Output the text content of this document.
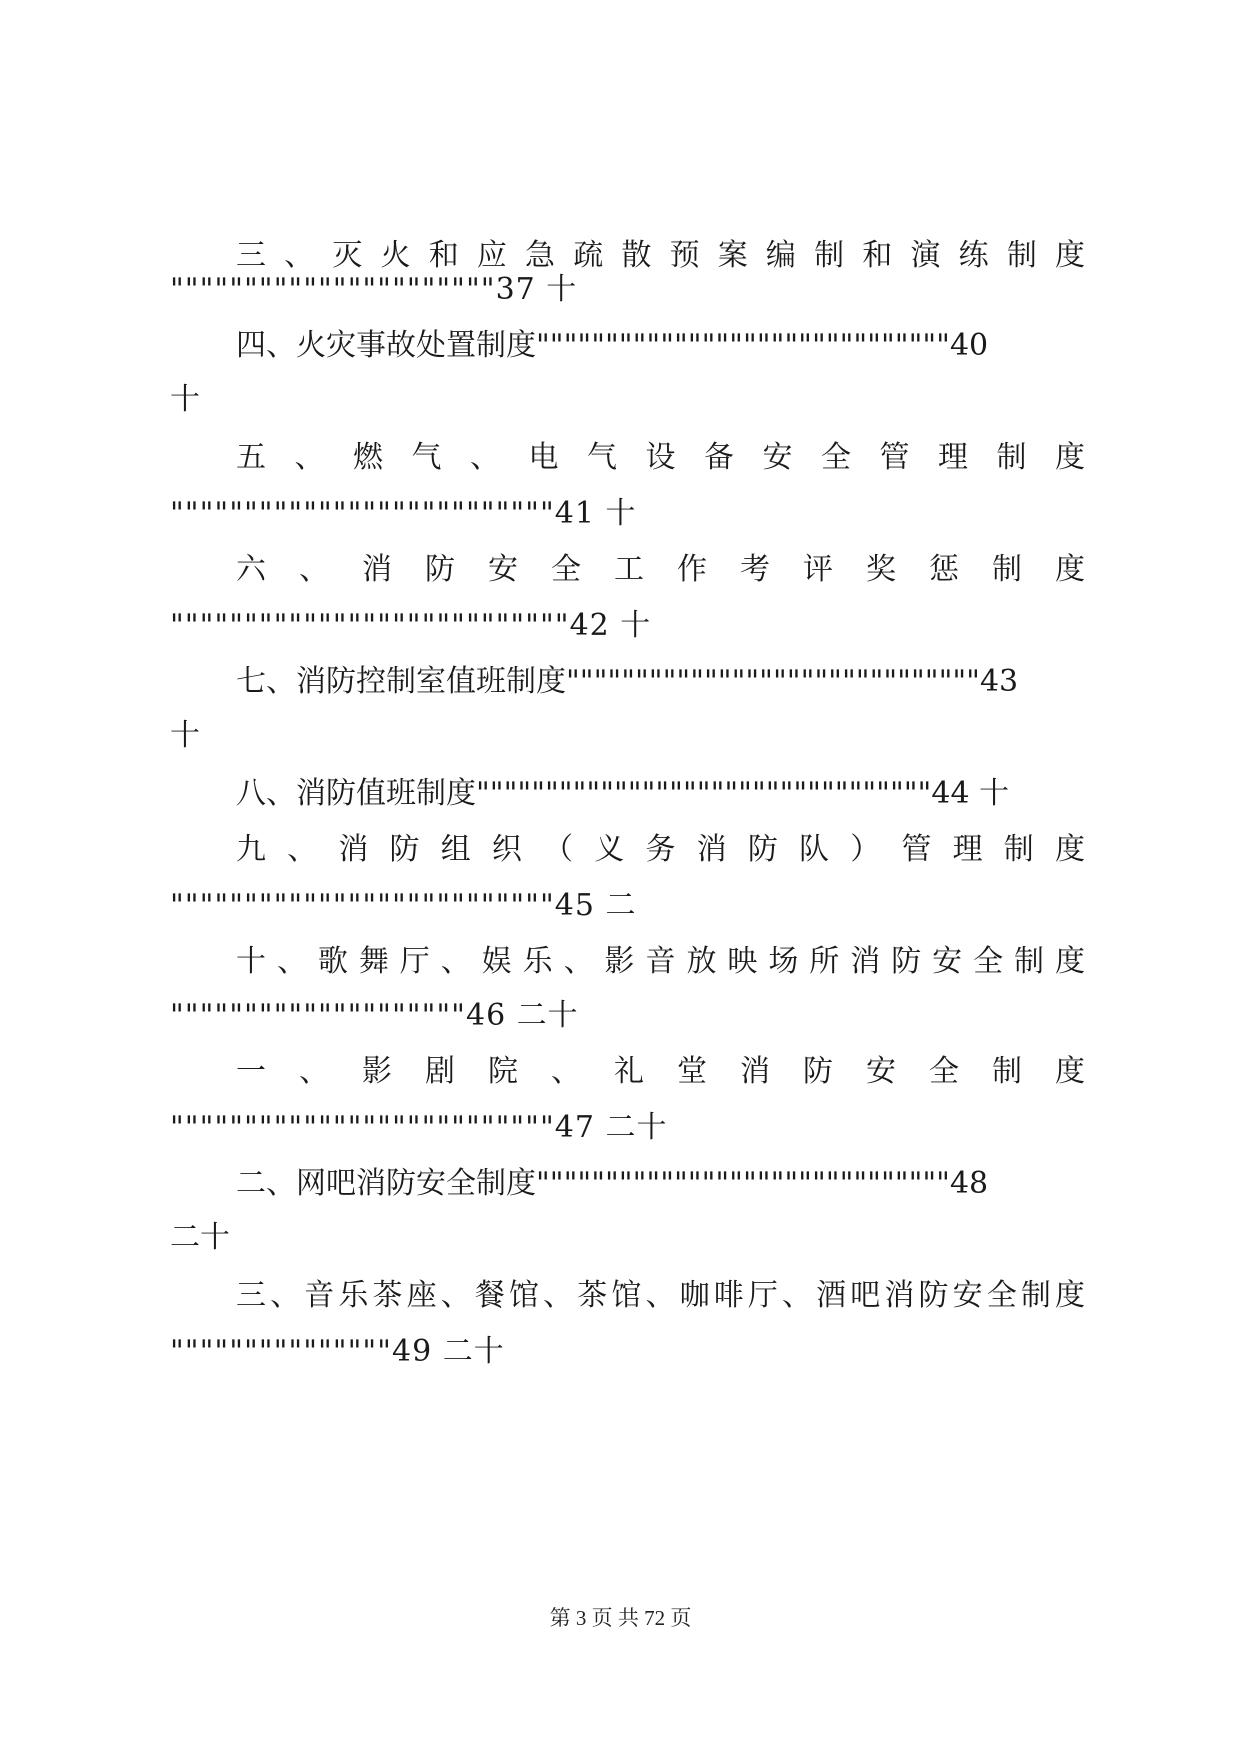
三 、 灭 火 和 应 急 疏 散 预 案 编 制 和 演 练 制 度
""""""""""""""""""""""37 十
四、火灾事故处置制度""""""""""""""""""""""""""""""40
十
五 、 燃 气 、 电 气 设 备 安 全 管 理 制 度
""""""""""""""""""""""""""41 十
六 、 消 防 安 全 工 作 考 评 奖 惩 制 度
"""""""""""""""""""""""""""42 十
七、消防控制室值班制度""""""""""""""""""""""""""""""43
十
八、消防值班制度"""""""""""""""""""""""""""""""""44 十
九 、 消 防 组 织 （ 义 务 消 防 队 ） 管 理 制 度
""""""""""""""""""""""""""45 二
十 、 歌 舞 厅 、 娱 乐 、 影 音 放 映 场 所 消 防 安 全 制 度
""""""""""""""""""""46 二十
一 、 影 剧 院 、 礼 堂 消 防 安 全 制 度
""""""""""""""""""""""""""47 二十
二、网吧消防安全制度""""""""""""""""""""""""""""""48
二十
三、音乐茶座、餐馆、茶馆、咖啡厅、酒吧消防安全制度
"""""""""""""""49 二十
第 3 页 共 72 页
